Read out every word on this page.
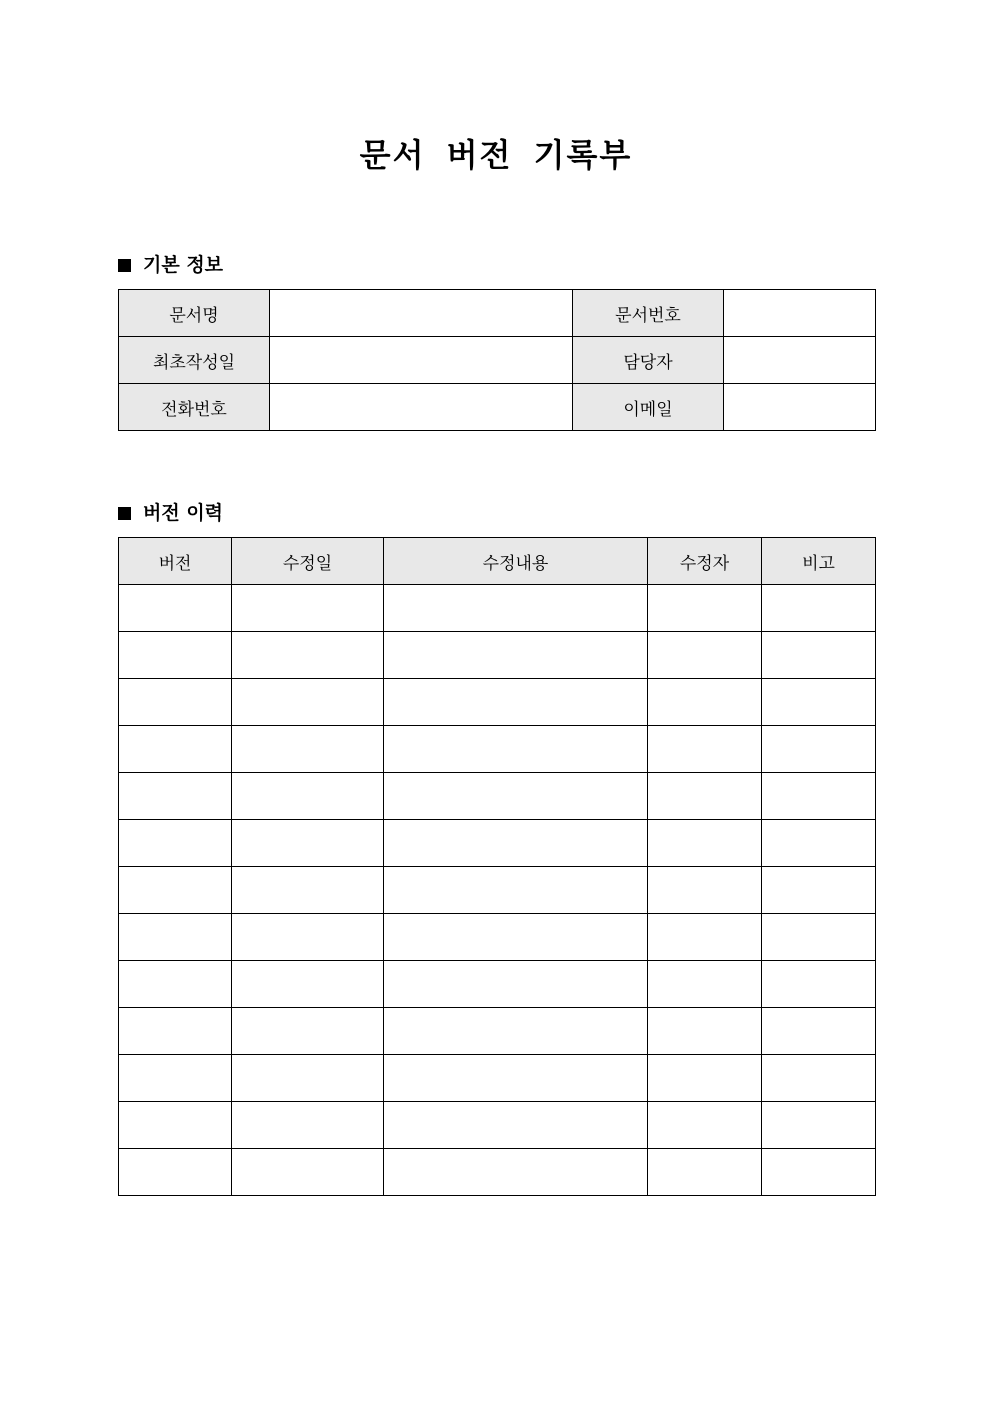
문서 버전 기록부
기본 정보
문서명		문서번호	
최초작성일		담당자	
전화번호		이메일	
버전 이력
버전	수정일	수정내용	수정자	비고
